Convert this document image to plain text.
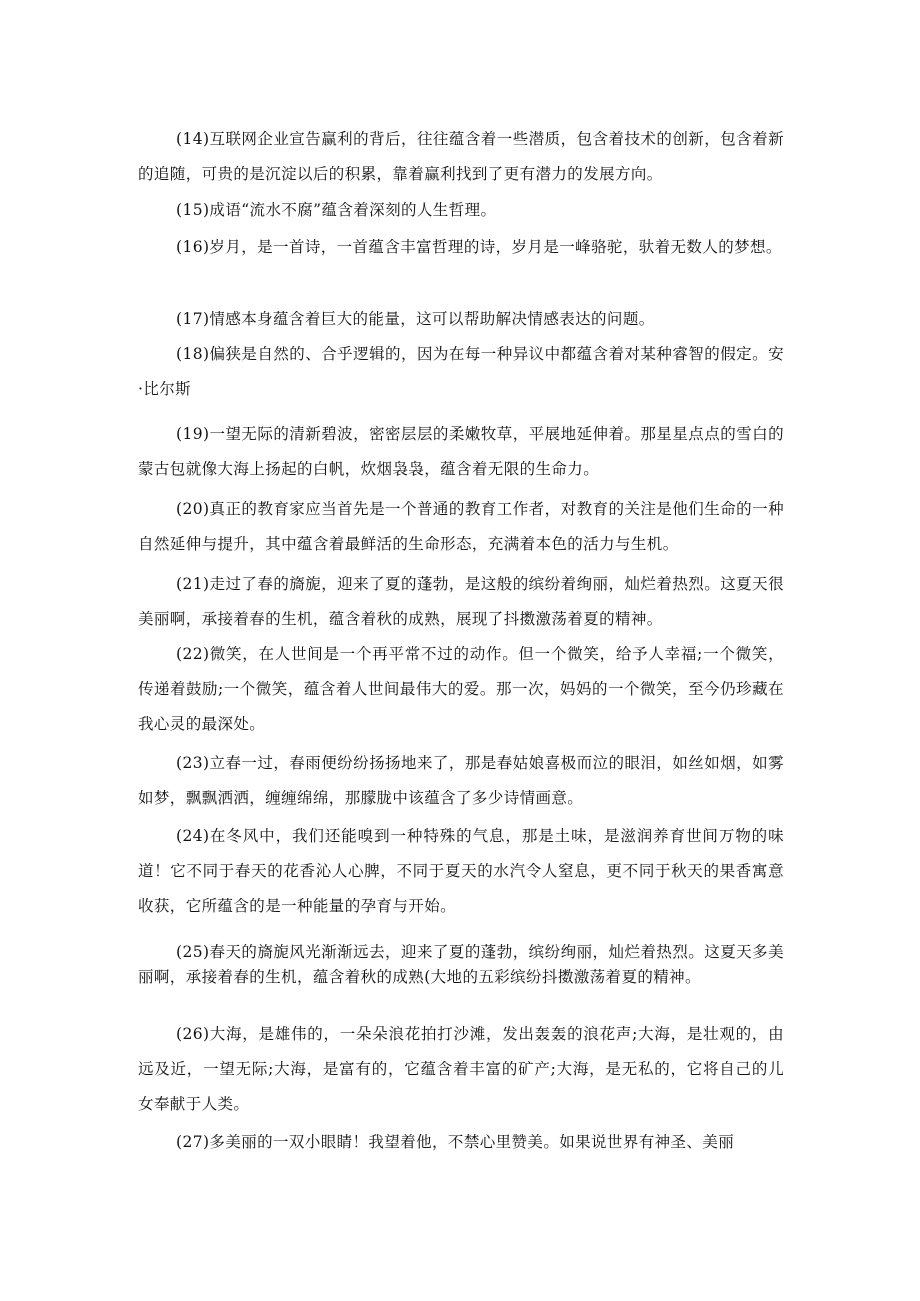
(14)互联网企业宣告赢利的背后，往往蕴含着一些潜质，包含着技术的创新，包含着新的追随，可贵的是沉淀以后的积累，靠着赢利找到了更有潜力的发展方向。

(15)成语“流水不腐”蕴含着深刻的人生哲理。

(16)岁月，是一首诗，一首蕴含丰富哲理的诗，岁月是一峰骆驼，驮着无数人的梦想。

(17)情感本身蕴含着巨大的能量，这可以帮助解决情感表达的问题。

(18)偏狭是自然的、合乎逻辑的，因为在每一种异议中都蕴含着对某种睿智的假定。安·比尔斯

(19)一望无际的清新碧波，密密层层的柔嫩牧草，平展地延伸着。那星星点点的雪白的蒙古包就像大海上扬起的白帆，炊烟袅袅，蕴含着无限的生命力。

(20)真正的教育家应当首先是一个普通的教育工作者，对教育的关注是他们生命的一种自然延伸与提升，其中蕴含着最鲜活的生命形态，充满着本色的活力与生机。

(21)走过了春的旖旎，迎来了夏的蓬勃，是这般的缤纷着绚丽，灿烂着热烈。这夏天很美丽啊，承接着春的生机，蕴含着秋的成熟，展现了抖擞激荡着夏的精神。

(22)微笑，在人世间是一个再平常不过的动作。但一个微笑，给予人幸福;一个微笑，传递着鼓励;一个微笑，蕴含着人世间最伟大的爱。那一次，妈妈的一个微笑，至今仍珍藏在我心灵的最深处。

(23)立春一过，春雨便纷纷扬扬地来了，那是春姑娘喜极而泣的眼泪，如丝如烟，如雾如梦，飘飘洒洒，缠缠绵绵，那朦胧中该蕴含了多少诗情画意。

(24)在冬风中，我们还能嗅到一种特殊的气息，那是土味，是滋润养育世间万物的味道！它不同于春天的花香沁人心脾，不同于夏天的水汽令人窒息，更不同于秋天的果香寓意收获，它所蕴含的是一种能量的孕育与开始。

(25)春天的旖旎风光渐渐远去，迎来了夏的蓬勃，缤纷绚丽，灿烂着热烈。这夏天多美丽啊，承接着春的生机，蕴含着秋的成熟(大地的五彩缤纷抖擞激荡着夏的精神。

(26)大海，是雄伟的，一朵朵浪花拍打沙滩，发出轰轰的浪花声;大海，是壮观的，由远及近，一望无际;大海，是富有的，它蕴含着丰富的矿产;大海，是无私的，它将自己的儿女奉献于人类。

(27)多美丽的一双小眼睛！我望着他，不禁心里赞美。如果说世界有神圣、美丽
